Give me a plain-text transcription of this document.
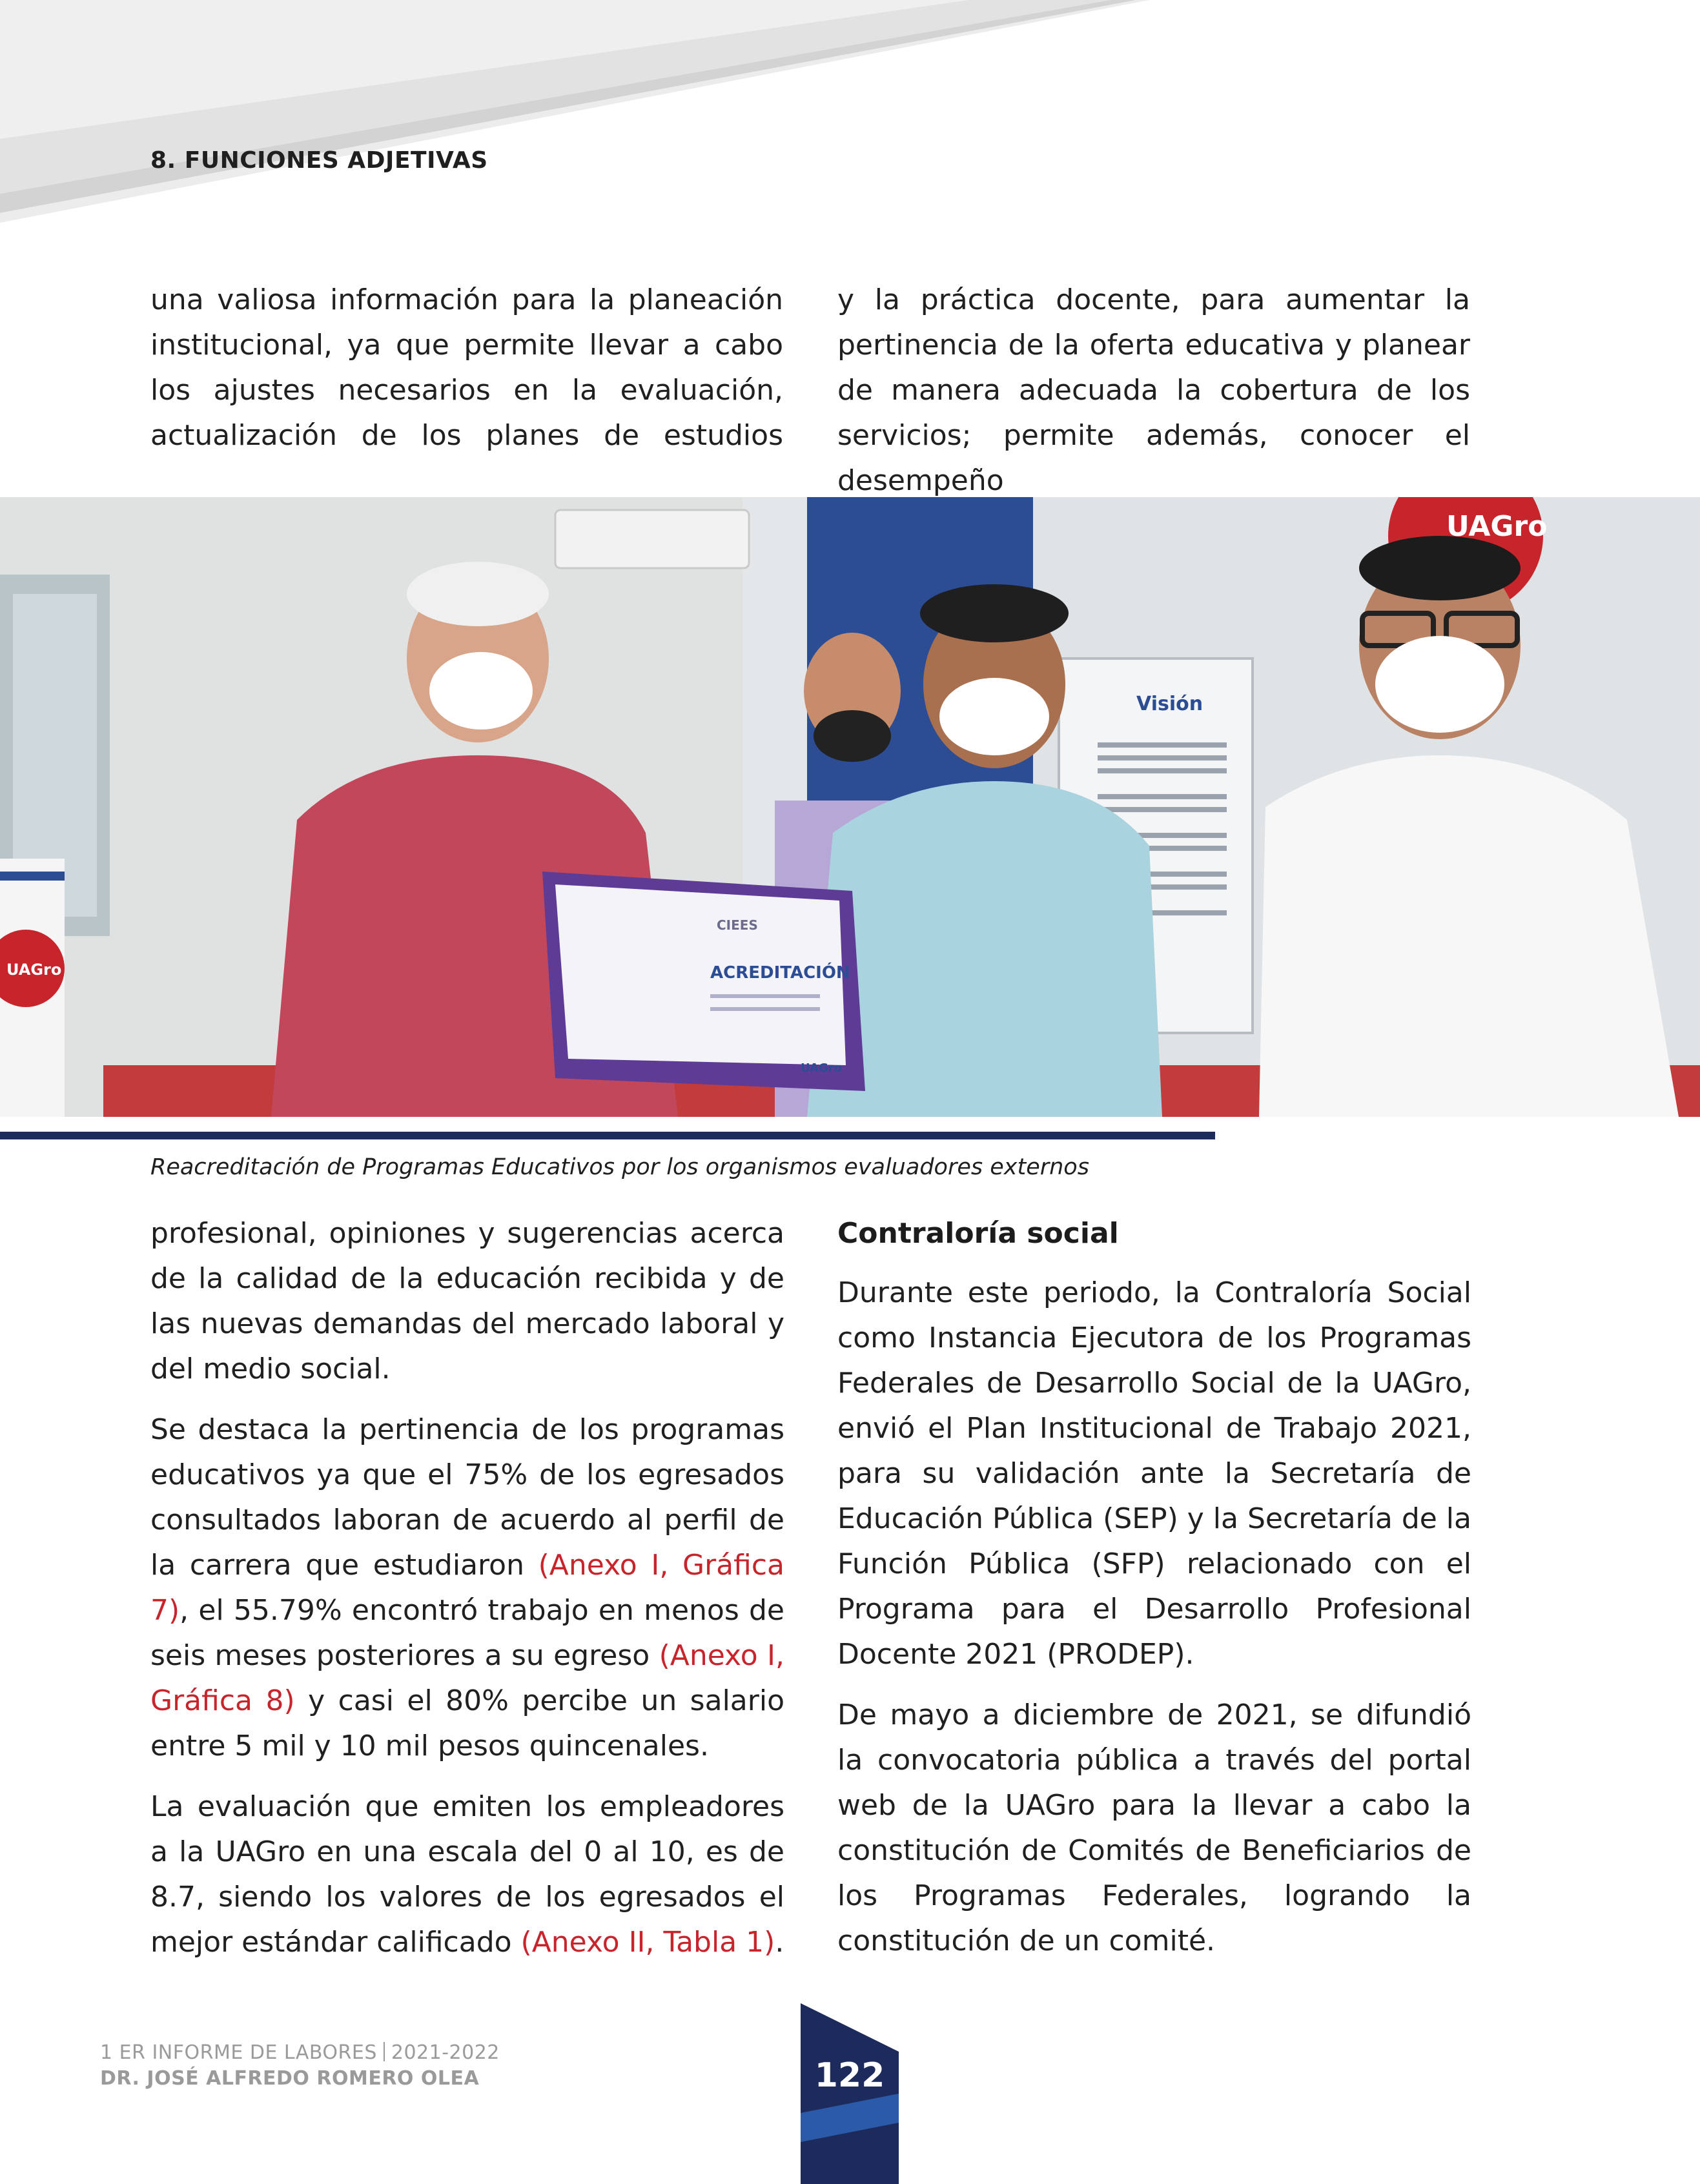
8. FUNCIONES ADJETIVAS

una valiosa información para la planeación institucional, ya que permite llevar a cabo los ajustes necesarios en la evaluación, actualización de los planes de estudios

y la práctica docente, para aumentar la pertinencia de la oferta educativa y planear de manera adecuada la cobertura de los servicios; permite además, conocer el desempeño

UAGro
Visión
UAGro
CIEES
ACREDITACIÓN
UAGro
Reacreditación de Programas Educativos por los organismos evaluadores externos

profesional, opiniones y sugerencias acerca de la calidad de la educación recibida y de las nuevas demandas del mercado laboral y del medio social.

Se destaca la pertinencia de los programas educativos ya que el 75% de los egresados consultados laboran de acuerdo al perfil de la carrera que estudiaron (Anexo I, Gráfica 7), el 55.79% encontró trabajo en menos de seis meses posteriores a su egreso (Anexo I, Gráfica 8) y casi el 80% percibe un salario entre 5 mil y 10 mil pesos quincenales.

La evaluación que emiten los empleadores a la UAGro en una escala del 0 al 10, es de 8.7, siendo los valores de los egresados el mejor estándar calificado (Anexo II, Tabla 1).

Contraloría social

Durante este periodo, la Contraloría Social como Instancia Ejecutora de los Programas Federales de Desarrollo Social de la UAGro, envió el Plan Institucional de Trabajo 2021, para su validación ante la Secretaría de Educación Pública (SEP) y la Secretaría de la Función Pública (SFP) relacionado con el Programa para el Desarrollo Profesional Docente 2021 (PRODEP).

De mayo a diciembre de 2021, se difundió la convocatoria pública a través del portal web de la UAGro para la llevar a cabo la constitución de Comités de Beneficiarios de los Programas Federales, logrando la constitución de un comité.

1 ER INFORME DE LABORES 2021-2022
DR. JOSÉ ALFREDO ROMERO OLEA	122
